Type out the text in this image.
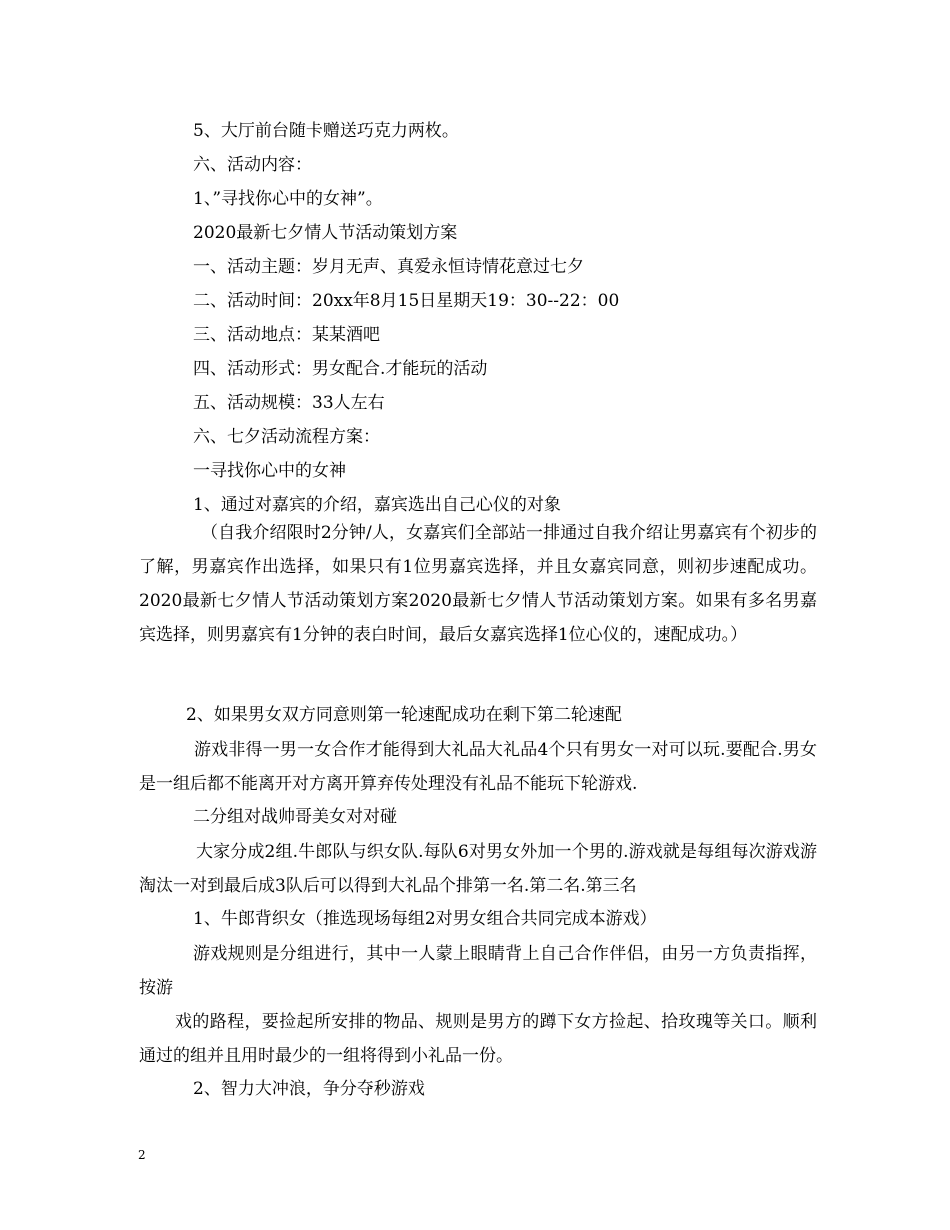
5、大厅前台随卡赠送巧克力两枚。

六、活动内容：

1、”寻找你心中的女神”。

2020最新七夕情人节活动策划方案

一、活动主题：岁月无声、真爱永恒诗情花意过七夕

二、活动时间：20xx年8月15日星期天19：30--22：00

三、活动地点：某某酒吧

四、活动形式：男女配合.才能玩的活动

五、活动规模：33人左右

六、七夕活动流程方案：

一寻找你心中的女神

1、通过对嘉宾的介绍，嘉宾选出自己心仪的对象

（自我介绍限时2分钟/人，女嘉宾们全部站一排通过自我介绍让男嘉宾有个初步的了解，男嘉宾作出选择，如果只有1位男嘉宾选择，并且女嘉宾同意，则初步速配成功。2020最新七夕情人节活动策划方案2020最新七夕情人节活动策划方案。如果有多名男嘉宾选择，则男嘉宾有1分钟的表白时间，最后女嘉宾选择1位心仪的，速配成功。）

2、如果男女双方同意则第一轮速配成功在剩下第二轮速配

游戏非得一男一女合作才能得到大礼品大礼品4个只有男女一对可以玩.要配合.男女是一组后都不能离开对方离开算弃传处理没有礼品不能玩下轮游戏.

二分组对战帅哥美女对对碰

大家分成2组.牛郎队与织女队.每队6对男女外加一个男的.游戏就是每组每次游戏游淘汰一对到最后成3队后可以得到大礼品个排第一名.第二名.第三名

1、牛郎背织女（推选现场每组2对男女组合共同完成本游戏）

游戏规则是分组进行，其中一人蒙上眼睛背上自己合作伴侣，由另一方负责指挥，按游

戏的路程，要捡起所安排的物品、规则是男方的蹲下女方捡起、拾玫瑰等关口。顺利通过的组并且用时最少的一组将得到小礼品一份。

2、智力大冲浪，争分夺秒游戏

2
